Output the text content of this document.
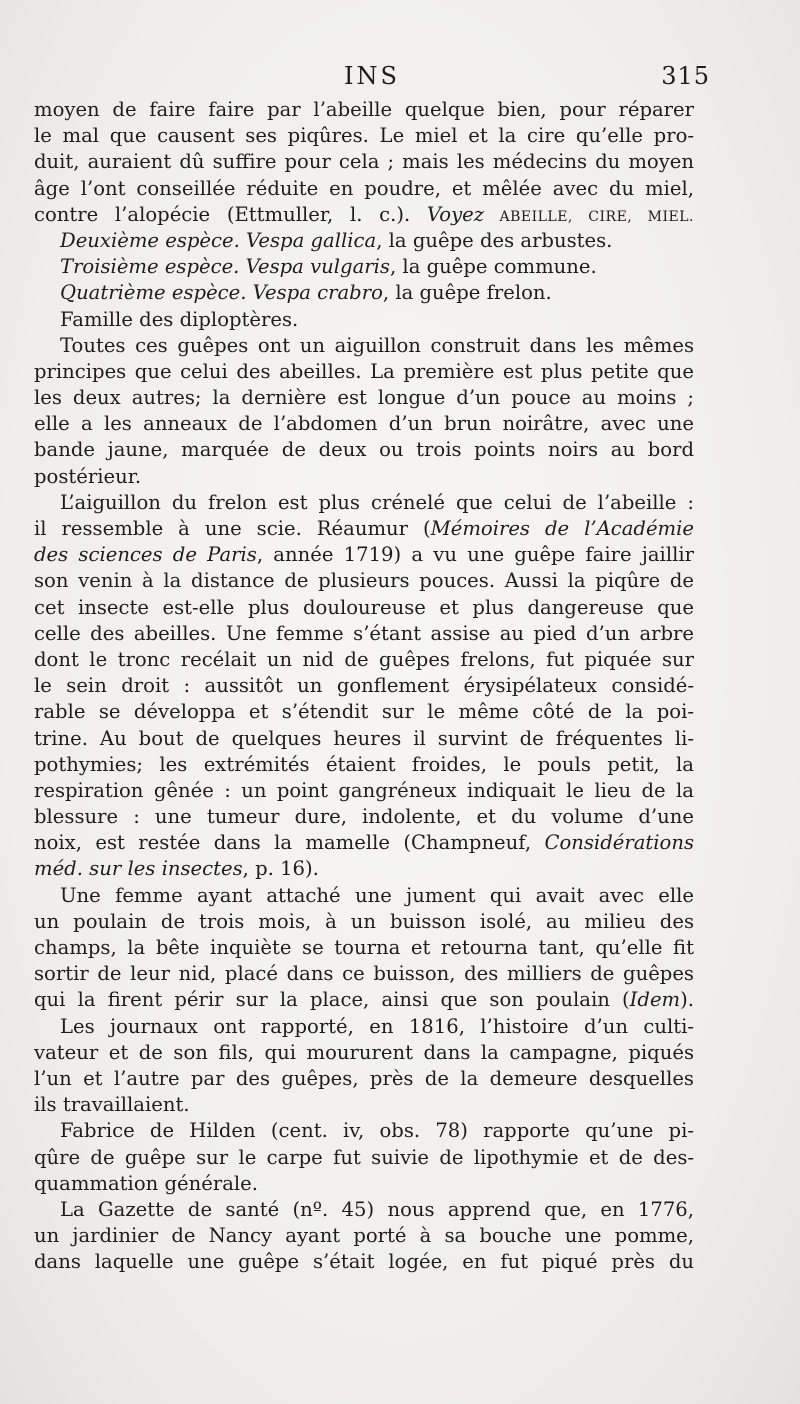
INS	315
moyen de faire faire par l’abeille quelque bien, pour réparer
le mal que causent ses piqûres. Le miel et la cire qu’elle pro-
duit, auraient dû suffire pour cela ; mais les médecins du moyen
âge l’ont conseillée réduite en poudre, et mêlée avec du miel,
contre l’alopécie (Ettmuller, l. c.). Voyez ABEILLE, CIRE, MIEL.
Deuxième espèce. Vespa gallica, la guêpe des arbustes.
Troisième espèce. Vespa vulgaris, la guêpe commune.
Quatrième espèce. Vespa crabro, la guêpe frelon.
Famille des diploptères.
Toutes ces guêpes ont un aiguillon construit dans les mêmes
principes que celui des abeilles. La première est plus petite que
les deux autres; la dernière est longue d’un pouce au moins ;
elle a les anneaux de l’abdomen d’un brun noirâtre, avec une
bande jaune, marquée de deux ou trois points noirs au bord
postérieur.
L’aiguillon du frelon est plus crénelé que celui de l’abeille :
il ressemble à une scie. Réaumur (Mémoires de l’Académie
des sciences de Paris, année 1719) a vu une guêpe faire jaillir
son venin à la distance de plusieurs pouces. Aussi la piqûre de
cet insecte est-elle plus douloureuse et plus dangereuse que
celle des abeilles. Une femme s’étant assise au pied d’un arbre
dont le tronc recélait un nid de guêpes frelons, fut piquée sur
le sein droit : aussitôt un gonflement érysipélateux considé-
rable se développa et s’étendit sur le même côté de la poi-
trine. Au bout de quelques heures il survint de fréquentes li-
pothymies; les extrémités étaient froides, le pouls petit, la
respiration gênée : un point gangréneux indiquait le lieu de la
blessure : une tumeur dure, indolente, et du volume d’une
noix, est restée dans la mamelle (Champneuf, Considérations
méd. sur les insectes, p. 16).
Une femme ayant attaché une jument qui avait avec elle
un poulain de trois mois, à un buisson isolé, au milieu des
champs, la bête inquiète se tourna et retourna tant, qu’elle fit
sortir de leur nid, placé dans ce buisson, des milliers de guêpes
qui la firent périr sur la place, ainsi que son poulain (Idem).
Les journaux ont rapporté, en 1816, l’histoire d’un culti-
vateur et de son fils, qui moururent dans la campagne, piqués
l’un et l’autre par des guêpes, près de la demeure desquelles
ils travaillaient.
Fabrice de Hilden (cent. iv, obs. 78) rapporte qu’une pi-
qûre de guêpe sur le carpe fut suivie de lipothymie et de des-
quammation générale.
La Gazette de santé (nº. 45) nous apprend que, en 1776,
un jardinier de Nancy ayant porté à sa bouche une pomme,
dans laquelle une guêpe s’était logée, en fut piqué près du
